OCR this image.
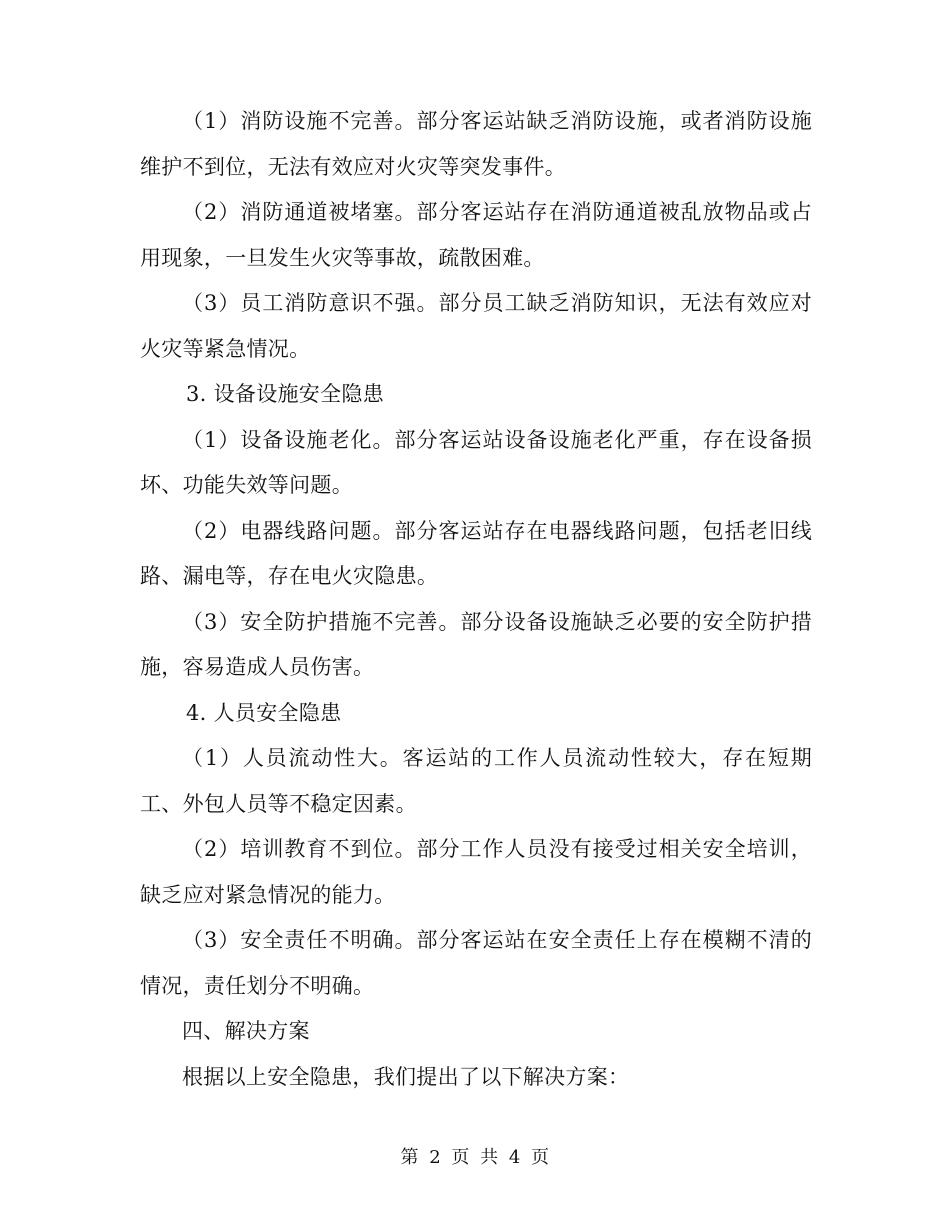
（1）消防设施不完善。部分客运站缺乏消防设施，或者消防设施维护不到位，无法有效应对火灾等突发事件。

（2）消防通道被堵塞。部分客运站存在消防通道被乱放物品或占用现象，一旦发生火灾等事故，疏散困难。

（3）员工消防意识不强。部分员工缺乏消防知识，无法有效应对火灾等紧急情况。

3. 设备设施安全隐患

（1）设备设施老化。部分客运站设备设施老化严重，存在设备损坏、功能失效等问题。

（2）电器线路问题。部分客运站存在电器线路问题，包括老旧线路、漏电等，存在电火灾隐患。

（3）安全防护措施不完善。部分设备设施缺乏必要的安全防护措施，容易造成人员伤害。

4. 人员安全隐患

（1）人员流动性大。客运站的工作人员流动性较大，存在短期工、外包人员等不稳定因素。

（2）培训教育不到位。部分工作人员没有接受过相关安全培训，缺乏应对紧急情况的能力。

（3）安全责任不明确。部分客运站在安全责任上存在模糊不清的情况，责任划分不明确。

四、解决方案

根据以上安全隐患，我们提出了以下解决方案：

第 2 页 共 4 页
